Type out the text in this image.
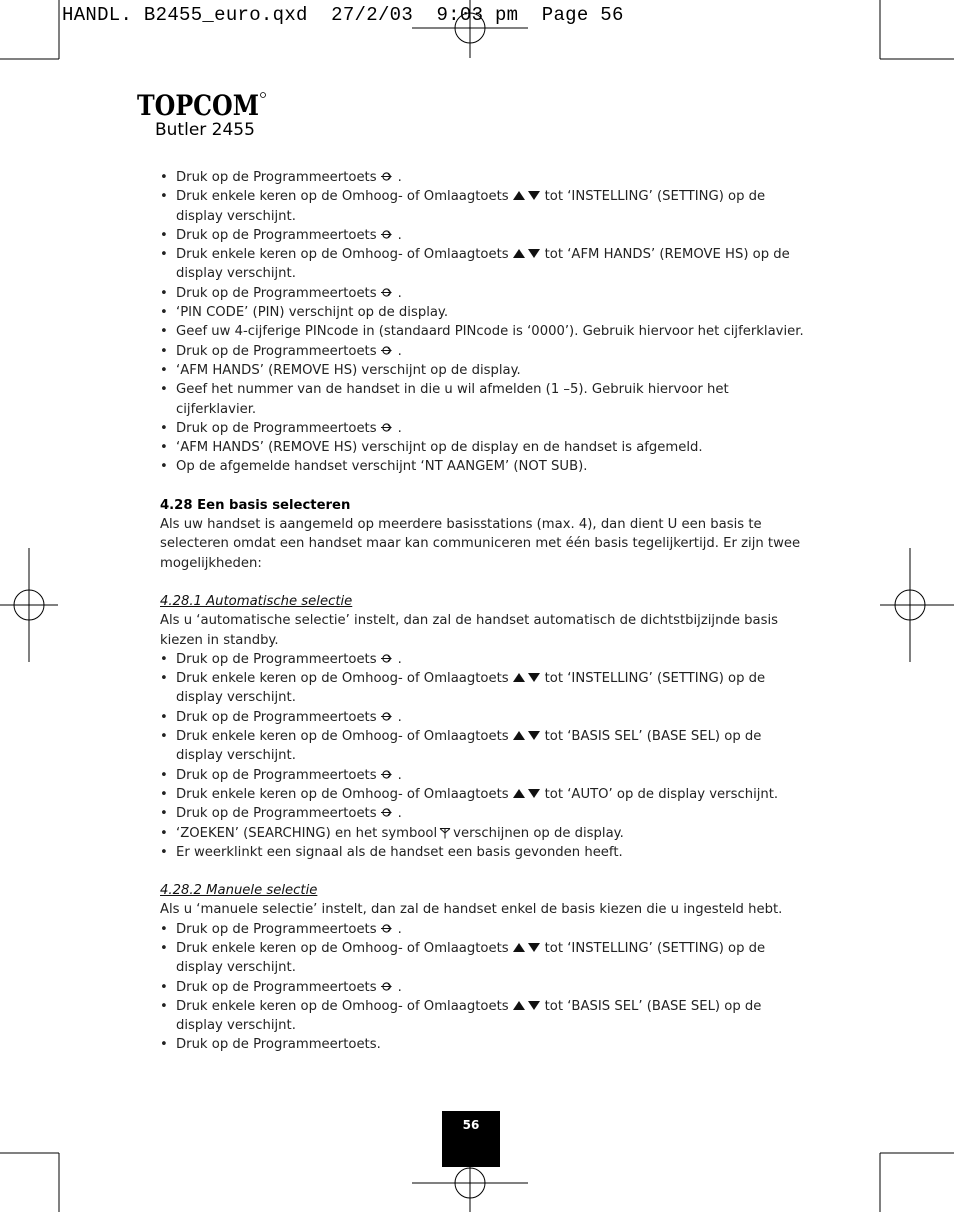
HANDL. B2455_euro.qxd  27/2/03  9:03 pm  Page 56
TOPCOM
Butler 2455
• Druk op de Programmeertoets .
• Druk enkele keren op de Omhoog- of Omlaagtoets	tot ‘INSTELLING’ (SETTING) op de display verschijnt.
• Druk op de Programmeertoets .
• Druk enkele keren op de Omhoog- of Omlaagtoets	tot ‘AFM HANDS’ (REMOVE HS) op de display verschijnt.
• Druk op de Programmeertoets .
• ‘PIN CODE’ (PIN) verschijnt op de display.
• Geef uw 4-cijferige PINcode in (standaard PINcode is ‘0000’). Gebruik hiervoor het cijferklavier.
• Druk op de Programmeertoets .
• ‘AFM HANDS’ (REMOVE HS) verschijnt op de display.
• Geef het nummer van de handset in die u wil afmelden (1 –5). Gebruik hiervoor het cijferklavier.
• Druk op de Programmeertoets .
• ‘AFM HANDS’ (REMOVE HS) verschijnt op de display en de handset is afgemeld.
• Op de afgemelde handset verschijnt ‘NT AANGEM’ (NOT SUB).
4.28 Een basis selecteren

Als uw handset is aangemeld op meerdere basisstations (max. 4), dan dient U een basis te selecteren omdat een handset maar kan communiceren met één basis tegelijkertijd. Er zijn twee mogelijkheden:

4.28.1 Automatische selectie

Als u ‘automatische selectie’ instelt, dan zal de handset automatisch de dichtstbijzijnde basis kiezen in standby.

• Druk op de Programmeertoets .
• Druk enkele keren op de Omhoog- of Omlaagtoets	tot ‘INSTELLING’ (SETTING) op de display verschijnt.
• Druk op de Programmeertoets .
• Druk enkele keren op de Omhoog- of Omlaagtoets	tot ‘BASIS SEL’ (BASE SEL) op de display verschijnt.
• Druk op de Programmeertoets .
• Druk enkele keren op de Omhoog- of Omlaagtoets	tot ‘AUTO’ op de display verschijnt.
• Druk op de Programmeertoets .
• ‘ZOEKEN’ (SEARCHING) en het symbool verschijnen op de display.
• Er weerklinkt een signaal als de handset een basis gevonden heeft.
4.28.2 Manuele selectie

Als u ‘manuele selectie’ instelt, dan zal de handset enkel de basis kiezen die u ingesteld hebt.

• Druk op de Programmeertoets .
• Druk enkele keren op de Omhoog- of Omlaagtoets	tot ‘INSTELLING’ (SETTING) op de display verschijnt.
• Druk op de Programmeertoets .
• Druk enkele keren op de Omhoog- of Omlaagtoets	tot ‘BASIS SEL’ (BASE SEL) op de display verschijnt.
• Druk op de Programmeertoets.
56
